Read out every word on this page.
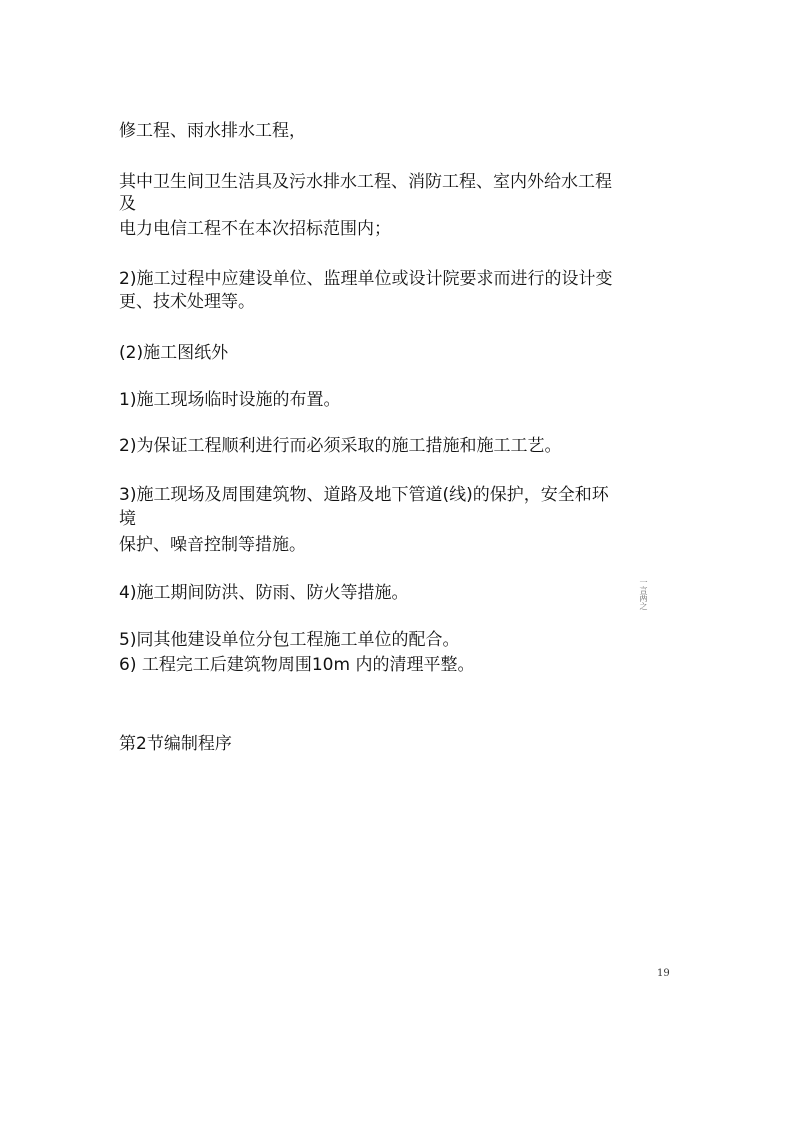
修工程、雨水排水工程，
其中卫生间卫生洁具及污水排水工程、消防工程、室内外给水工程
及
电力电信工程不在本次招标范围内；
2)施工过程中应建设单位、监理单位或设计院要求而进行的设计变
更、技术处理等。
(2)施工图纸外
1)施工现场临时设施的布置。
2)为保证工程顺利进行而必须采取的施工措施和施工工艺。
3)施工现场及周围建筑物、道路及地下管道(线)的保护，安全和环
境
保护、噪音控制等措施。
4)施工期间防洪、防雨、防火等措施。
5)同其他建设单位分包工程施工单位的配合。
6) 工程完工后建筑物周围10m 内的清理平整。
第2节编制程序
一言两之
19
